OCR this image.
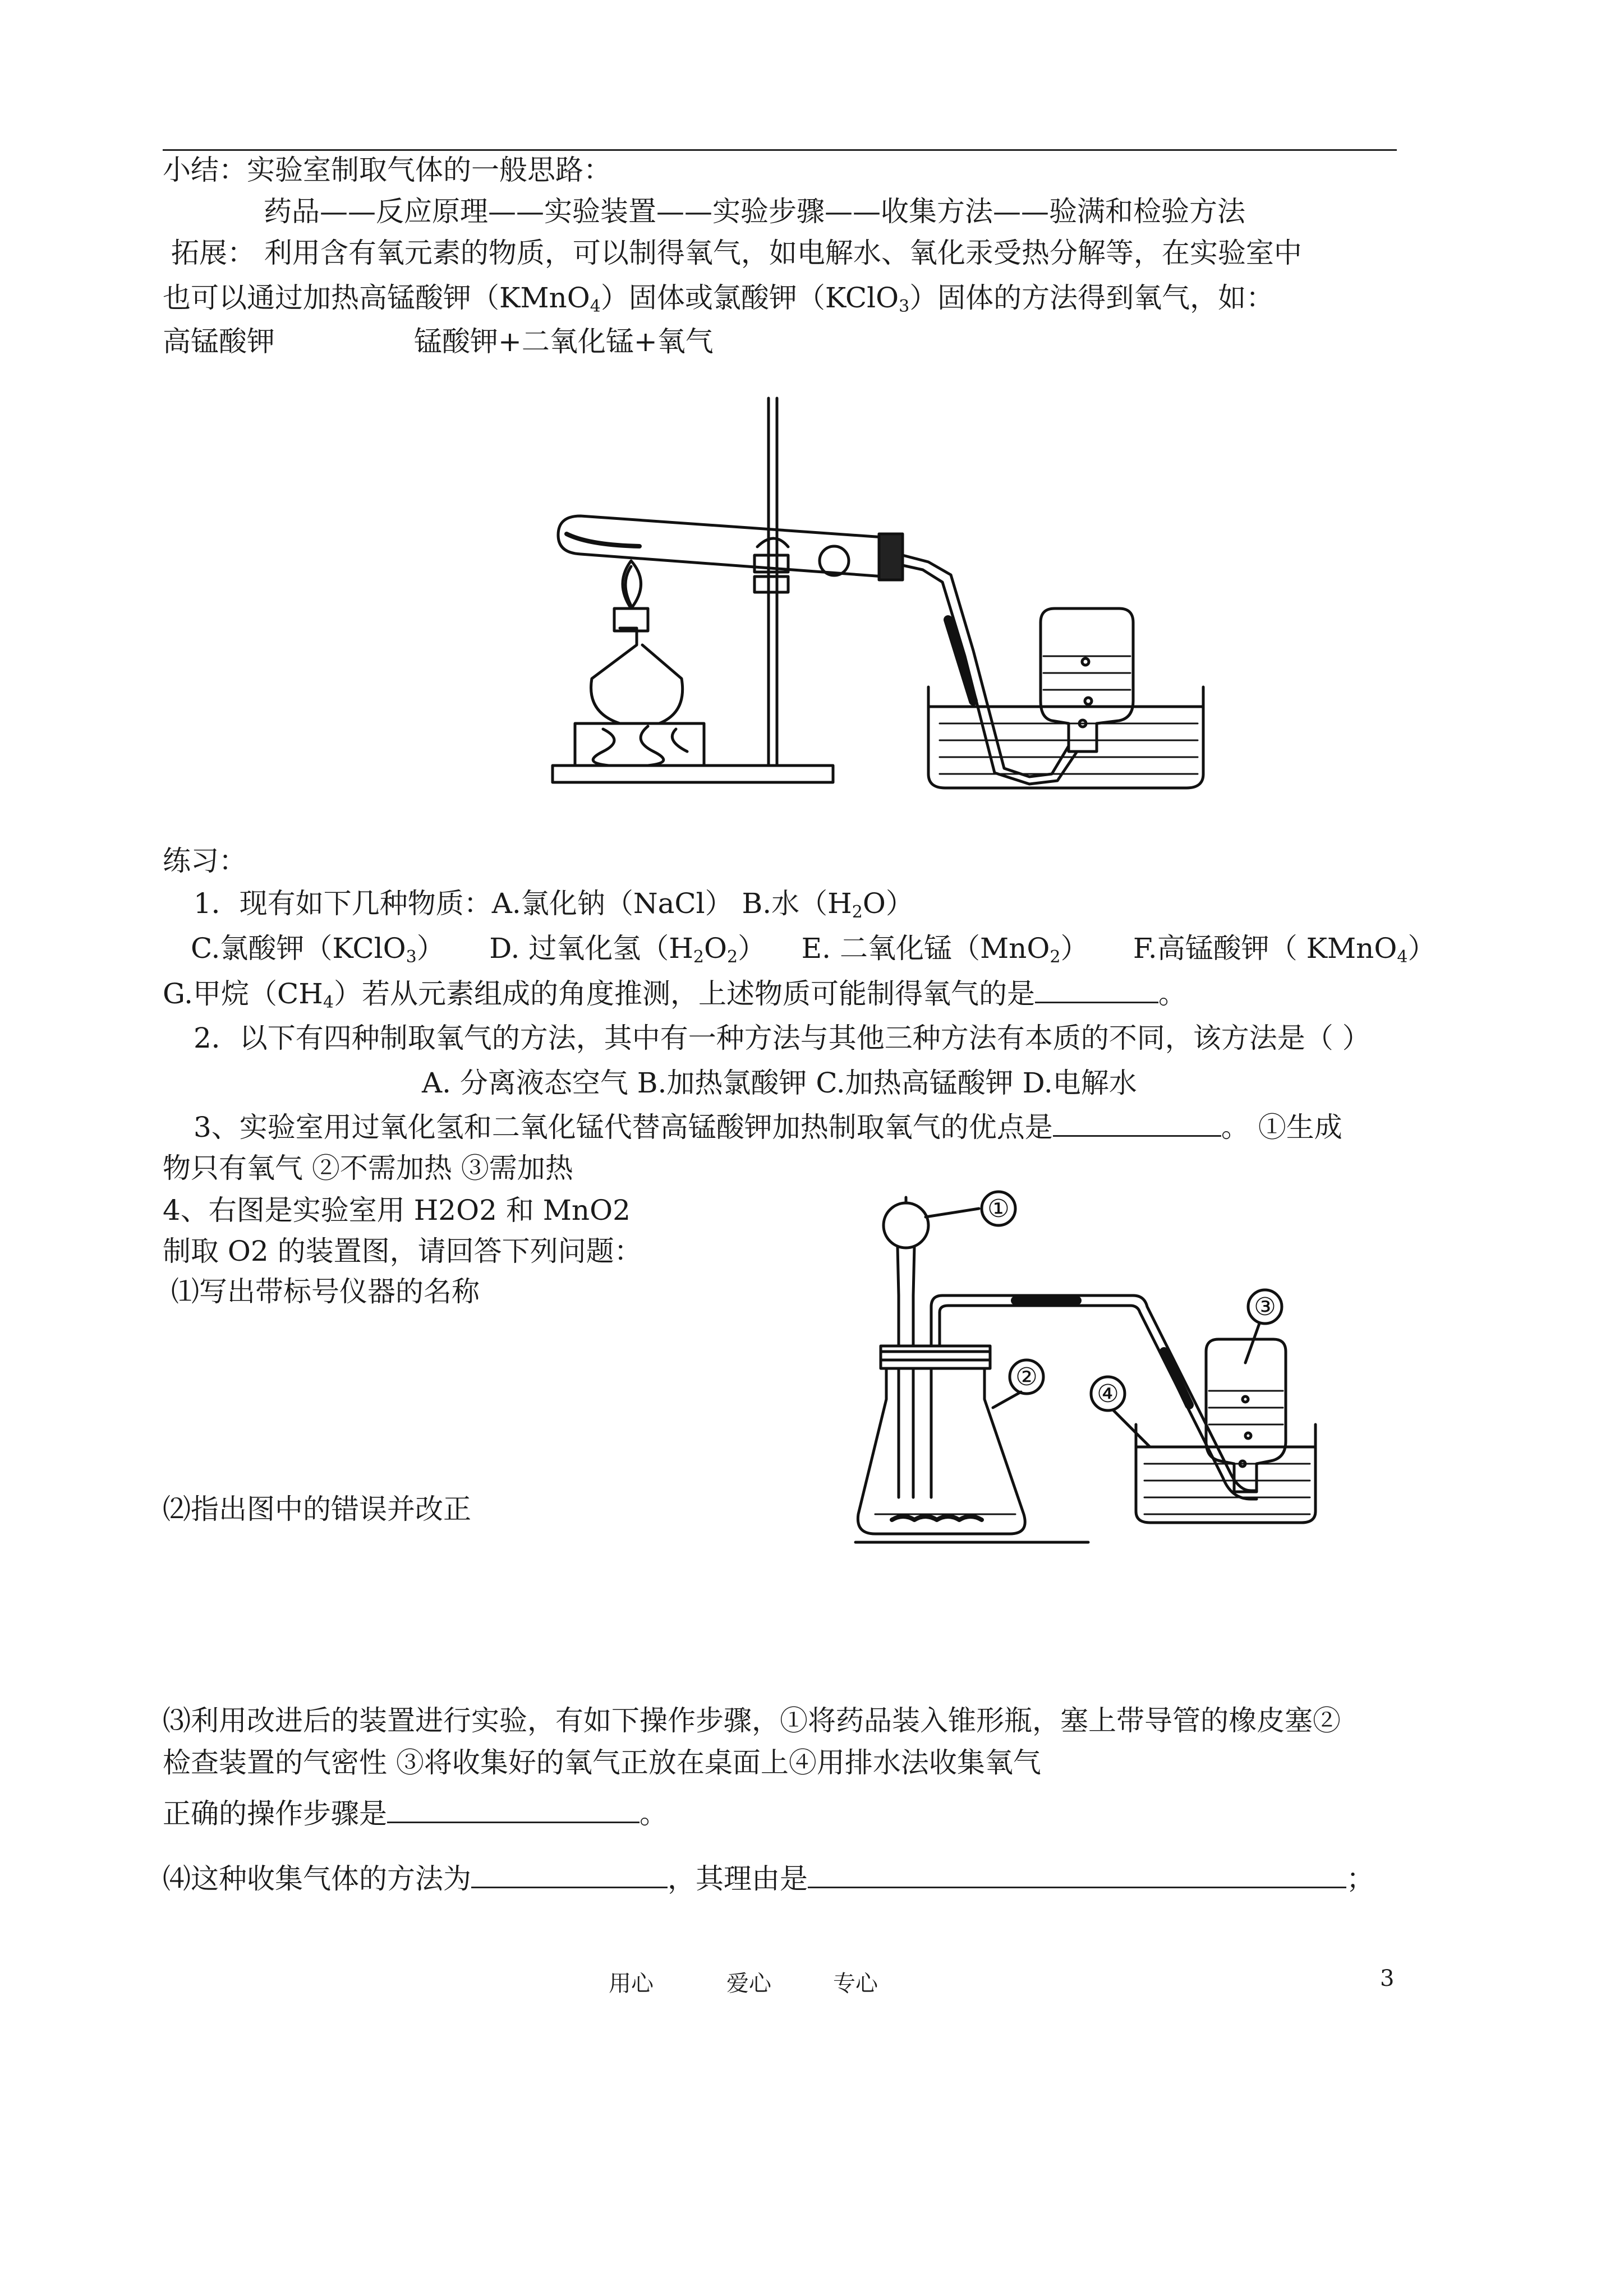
小结：实验室制取气体的一般思路：
药品——反应原理——实验装置——实验步骤——收集方法——验满和检验方法
拓展： 利用含有氧元素的物质，可以制得氧气，如电解水、氧化汞受热分解等，在实验室中
也可以通过加热高锰酸钾（KMnO$_4$）固体或氯酸钾（KClO$_3$）固体的方法得到氧气，如：
高锰酸钾	锰酸钾+二氧化锰+氧气
练习：
1．现有如下几种物质：A.氯化钠（NaCl） B.水$(H_2O)$
C.氯酸钾（KClO$_3$） D. 过氧化氢$(H_2O_2)$ E. 二氧化锰（MnO$_2$） F.高锰酸钾（ KMnO$_4$）
G.甲烷$(CH_4)$若从元素组成的角度推测，上述物质可能制得氧气的是	。
2．以下有四种制取氧气的方法，其中有一种方法与其他三种方法有本质的不同，该方法是（ ）
A. 分离液态空气 B.加热氯酸钾 C.加热高锰酸钾 D.电解水
3、实验室用过氧化氢和二氧化锰代替高锰酸钾加热制取氧气的优点是	。 ①生成
物只有氧气 ②不需加热 ③需加热
4、右图是实验室用 H2O2 和 MnO2
制取 O2 的装置图，请回答下列问题：
⑴写出带标号仪器的名称
⑵指出图中的错误并改正
①
②
③
④
⑶利用改进后的装置进行实验，有如下操作步骤，①将药品装入锥形瓶，塞上带导管的橡皮塞②
检查装置的气密性 ③将收集好的氧气正放在桌面上④用排水法收集氧气
正确的操作步骤是	。
⑷这种收集气体的方法为	，其理由是	；
用心	爱心	专心	3
